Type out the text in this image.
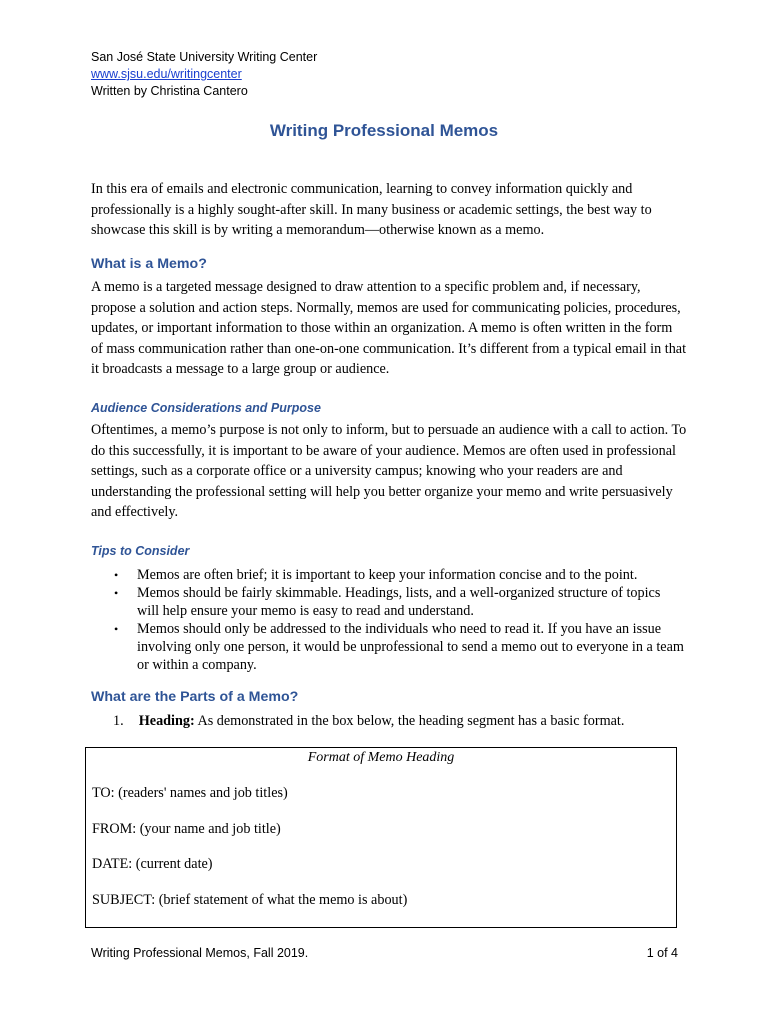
San José State University Writing Center
www.sjsu.edu/writingcenter
Written by Christina Cantero
Writing Professional Memos
In this era of emails and electronic communication, learning to convey information quickly and professionally is a highly sought-after skill. In many business or academic settings, the best way to showcase this skill is by writing a memorandum—otherwise known as a memo.
What is a Memo?
A memo is a targeted message designed to draw attention to a specific problem and, if necessary, propose a solution and action steps. Normally, memos are used for communicating policies, procedures, updates, or important information to those within an organization. A memo is often written in the form of mass communication rather than one-on-one communication. It’s different from a typical email in that it broadcasts a message to a large group or audience.
Audience Considerations and Purpose
Oftentimes, a memo’s purpose is not only to inform, but to persuade an audience with a call to action. To do this successfully, it is important to be aware of your audience. Memos are often used in professional settings, such as a corporate office or a university campus; knowing who your readers are and understanding the professional setting will help you better organize your memo and write persuasively and effectively.
Tips to Consider
• Memos are often brief; it is important to keep your information concise and to the point.
• Memos should be fairly skimmable. Headings, lists, and a well-organized structure of topics will help ensure your memo is easy to read and understand.
• Memos should only be addressed to the individuals who need to read it. If you have an issue involving only one person, it would be unprofessional to send a memo out to everyone in a team or within a company.
What are the Parts of a Memo?
1. Heading: As demonstrated in the box below, the heading segment has a basic format.
Format of Memo Heading
TO: (readers' names and job titles)
FROM: (your name and job title)
DATE: (current date)
SUBJECT: (brief statement of what the memo is about)
Writing Professional Memos, Fall 2019.	1 of 4
